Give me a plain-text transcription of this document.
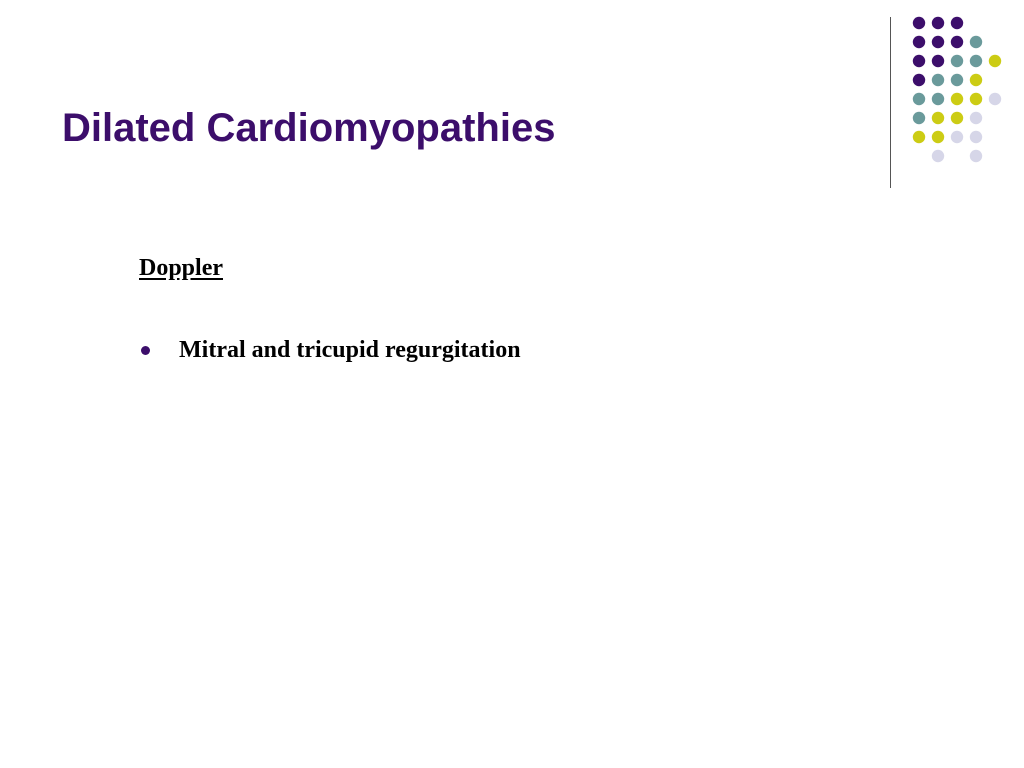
Dilated Cardiomyopathies
Doppler
Mitral and tricupid regurgitation
